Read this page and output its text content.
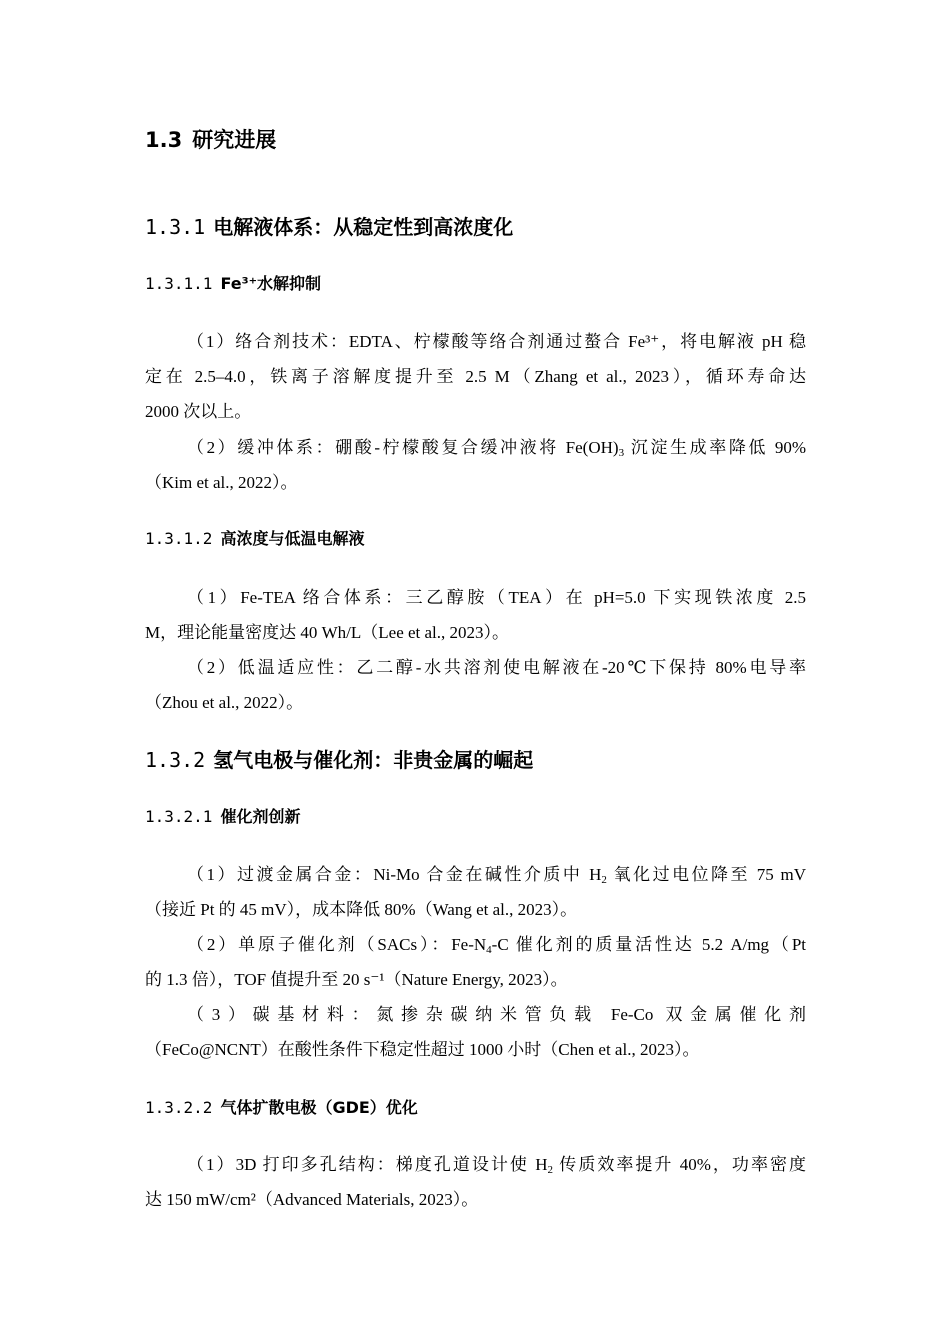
1.3 研究进展
1.3.1 电解液体系：从稳定性到高浓度化
1.3.1.1 Fe³⁺水解抑制

（1）络合剂技术：EDTA、柠檬酸等络合剂通过螯合 Fe³⁺，将电解液 pH 稳

定在 2.5–4.0，铁离子溶解度提升至 2.5 M（Zhang et al., 2023），循环寿命达

2000 次以上。

（2）缓冲体系：硼酸-柠檬酸复合缓冲液将 $Fe(OH)_3$ 沉淀生成率降低 90%

（Kim et al., 2022）。

1.3.1.2 高浓度与低温电解液

（1）Fe-TEA 络合体系：三乙醇胺（TEA）在 pH=5.0 下实现铁浓度 2.5

M，理论能量密度达 40 Wh/L（Lee et al., 2023）。

（2）低温适应性：乙二醇-水共溶剂使电解液在-20℃下保持 80%电导率

（Zhou et al., 2022）。

1.3.2 氢气电极与催化剂：非贵金属的崛起
1.3.2.1 催化剂创新

（1）过渡金属合金：Ni-Mo 合金在碱性介质中 $H_2$ 氧化过电位降至 75 mV

（接近 Pt 的 45 mV），成本降低 80%（Wang et al., 2023）。

（2）单原子催化剂（SACs）：$Fe-N_4-C$ 催化剂的质量活性达 5.2 A/mg（Pt

的 1.3 倍），TOF 值提升至 20 s⁻¹（Nature Energy, 2023）。

（3）碳基材料：氮掺杂碳纳米管负载 Fe-Co 双金属催化剂

（FeCo@NCNT）在酸性条件下稳定性超过 1000 小时（Chen et al., 2023）。

1.3.2.2 气体扩散电极（GDE）优化

（1）3D 打印多孔结构：梯度孔道设计使 $H_2$ 传质效率提升 40%，功率密度

达 150 mW/cm²（Advanced Materials, 2023）。
